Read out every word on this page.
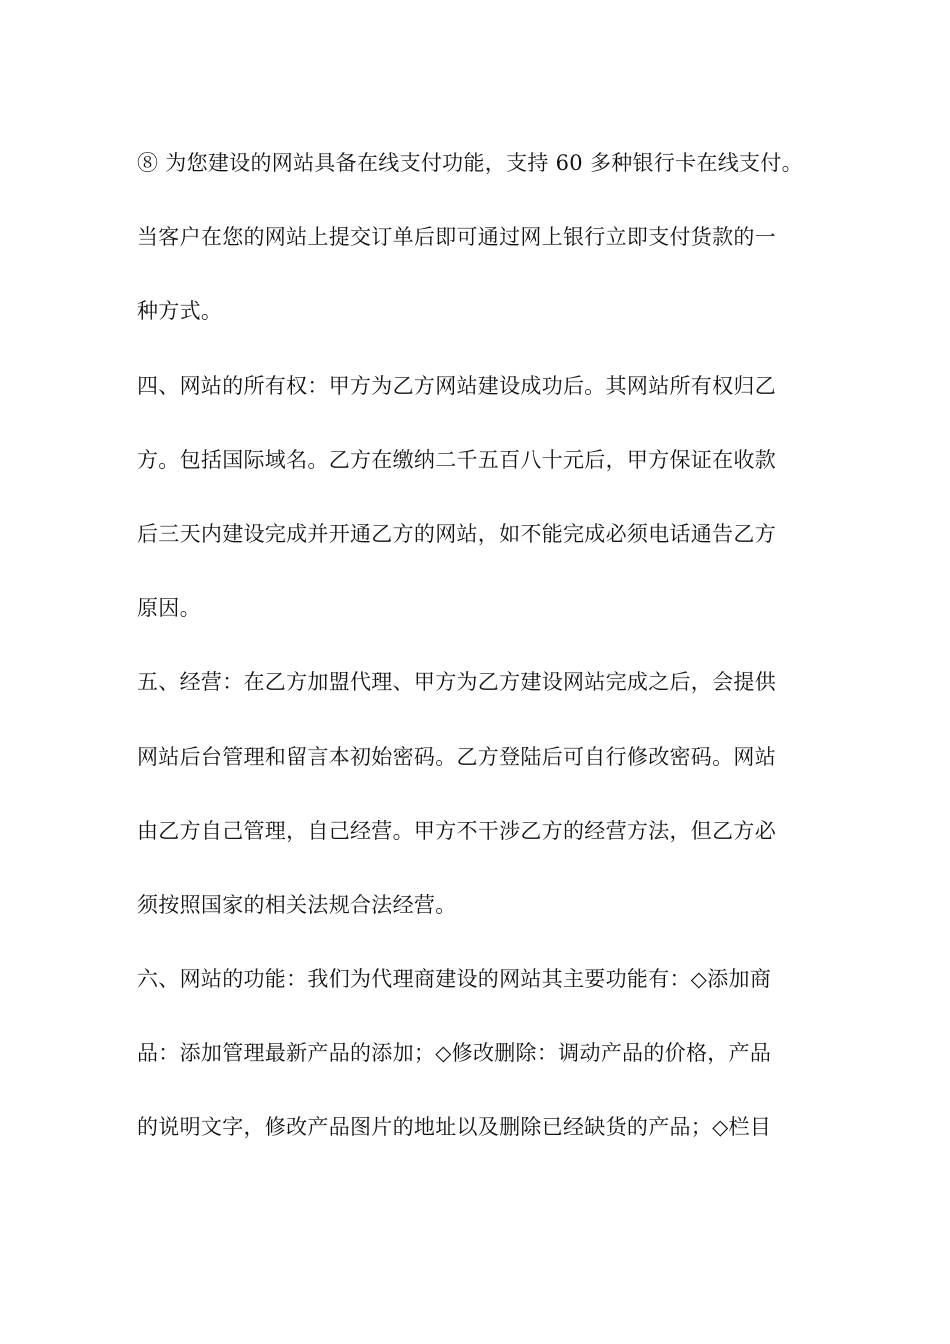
⑧ 为您建设的网站具备在线支付功能，支持 60 多种银行卡在线支付。
当客户在您的网站上提交订单后即可通过网上银行立即支付货款的一
种方式。
四、网站的所有权：甲方为乙方网站建设成功后。其网站所有权归乙
方。包括国际域名。乙方在缴纳二千五百八十元后，甲方保证在收款
后三天内建设完成并开通乙方的网站，如不能完成必须电话通告乙方
原因。
五、经营：在乙方加盟代理、甲方为乙方建设网站完成之后，会提供
网站后台管理和留言本初始密码。乙方登陆后可自行修改密码。网站
由乙方自己管理，自己经营。甲方不干涉乙方的经营方法，但乙方必
须按照国家的相关法规合法经营。
六、网站的功能：我们为代理商建设的网站其主要功能有：◇添加商
品：添加管理最新产品的添加；◇修改删除：调动产品的价格，产品
的说明文字，修改产品图片的地址以及删除已经缺货的产品；◇栏目
